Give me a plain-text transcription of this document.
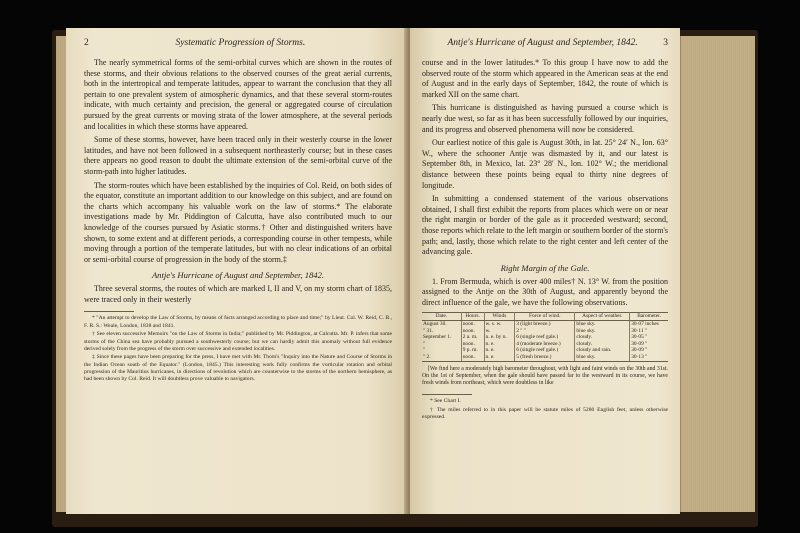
2	Systematic Progression of Storms.

The nearly symmetrical forms of the semi-orbital curves which are shown in the routes of these storms, and their obvious relations to the observed courses of the great aerial currents, both in the intertropical and temperate latitudes, appear to warrant the conclusion that they all pertain to one prevalent system of atmospheric dynamics, and that these several storm-routes indicate, with much certainty and precision, the general or aggregated course of circulation pursued by the great currents or moving strata of the lower atmosphere, at the several periods and localities in which these storms have appeared.

Some of these storms, however, have been traced only in their westerly course in the lower latitudes, and have not been followed in a subsequent northeasterly course; but in these cases there appears no good reason to doubt the ultimate extension of the semi-orbital curve of the storm-path into higher latitudes.

The storm-routes which have been established by the inquiries of Col. Reid, on both sides of the equator, constitute an important addition to our knowledge on this subject, and are found on the charts which accompany his valuable work on the law of storms.* The elaborate investigations made by Mr. Piddington of Calcutta, have also contributed much to our knowledge of the courses pursued by Asiatic storms.† Other and distinguished writers have shown, to some extent and at different periods, a corresponding course in other tempests, while moving through a portion of the temperate latitudes, but with no clear indications of an orbital or semi-orbital course of progression in the body of the storm.‡

Antje's Hurricane of August and September, 1842.

Three several storms, the routes of which are marked I, II and V, on my storm chart of 1835, were traced only in their westerly

* "An attempt to develop the Law of Storms, by means of facts arranged according to place and time;" by Lieut. Col. W. Reid, C. B., F. R. S.: Weale, London, 1838 and 1841.

† See eleven successive Memoirs "on the Law of Storms in India;" published by Mr. Piddington, at Calcutta. Mr. P. infers that some storms of the China sea have probably pursued a southwesterly course; but we can hardly admit this anomaly without full evidence derived solely from the progress of the storm over successive and extended localities.

‡ Since these pages have been preparing for the press, I have met with Mr. Thom's "Inquiry into the Nature and Course of Storms in the Indian Ocean south of the Equator." (London, 1845.) This interesting work fully confirms the vorticular rotation and orbital progression of the Mauritius hurricanes, in directions of revolution which are counterwise to the storms of the northern hemisphere, as had been shown by Col. Reid. It will doubtless prove valuable to navigators.

Antje's Hurricane of August and September, 1842.	3

course and in the lower latitudes.* To this group I have now to add the observed route of the storm which appeared in the American seas at the end of August and in the early days of September, 1842, the route of which is marked XII on the same chart.

This hurricane is distinguished as having pursued a course which is nearly due west, so far as it has been successfully followed by our inquiries, and its progress and observed phenomena will now be considered.

Our earliest notice of this gale is August 30th, in lat. 25° 24′ N., lon. 63° W., where the schooner Antje was dismasted by it, and our latest is September 8th, in Mexico, lat. 23° 28′ N., lon. 102° W.; the meridional distance between these points being equal to thirty nine degrees of longitude.

In submitting a condensed statement of the various observations obtained, I shall first exhibit the reports from places which were on or near the right margin or border of the gale as it proceeded westward; second, those reports which relate to the left margin or southern border of the storm's path; and, lastly, those which relate to the right center and left center of the advancing gale.

Right Margin of the Gale.

1. From Bermuda, which is over 400 miles† N. 13° W. from the position assigned to the Antje on the 30th of August, and apparently beyond the direct influence of the gale, we have the following observations.

Date.	Hours.	Winds	Force of wind.	Aspect of weather.	Barometer.
August 30.	noon.	w. s. w.	3 (light breeze.)	blue sky.	30·07 inches
" 31.	noon.	w.	2 " "	blue sky.	30·11 "
September 1.	2 a. m.	n. e. by n.	6 (single reef gale.)	cloudy.	30·05 "
"	noon.	n. e.	4 (moderate breeze.)	cloudy.	30·09 "
"	9 p. m.	n. e.	6 (single reef gale.)	cloudy and rain.	30·09 "
" 2.	noon.	n. e.	5 (fresh breeze.)	blue sky.	30·13 "

[We find here a moderately high barometer throughout, with light and faint winds on the 30th and 31st. On the 1st of September, when the gale should have passed far to the westward in its course, we have fresh winds from northeast, which were doubtless in like

* See Chart I.

† The miles referred to in this paper will be statute miles of 5280 English feet, unless otherwise expressed.
